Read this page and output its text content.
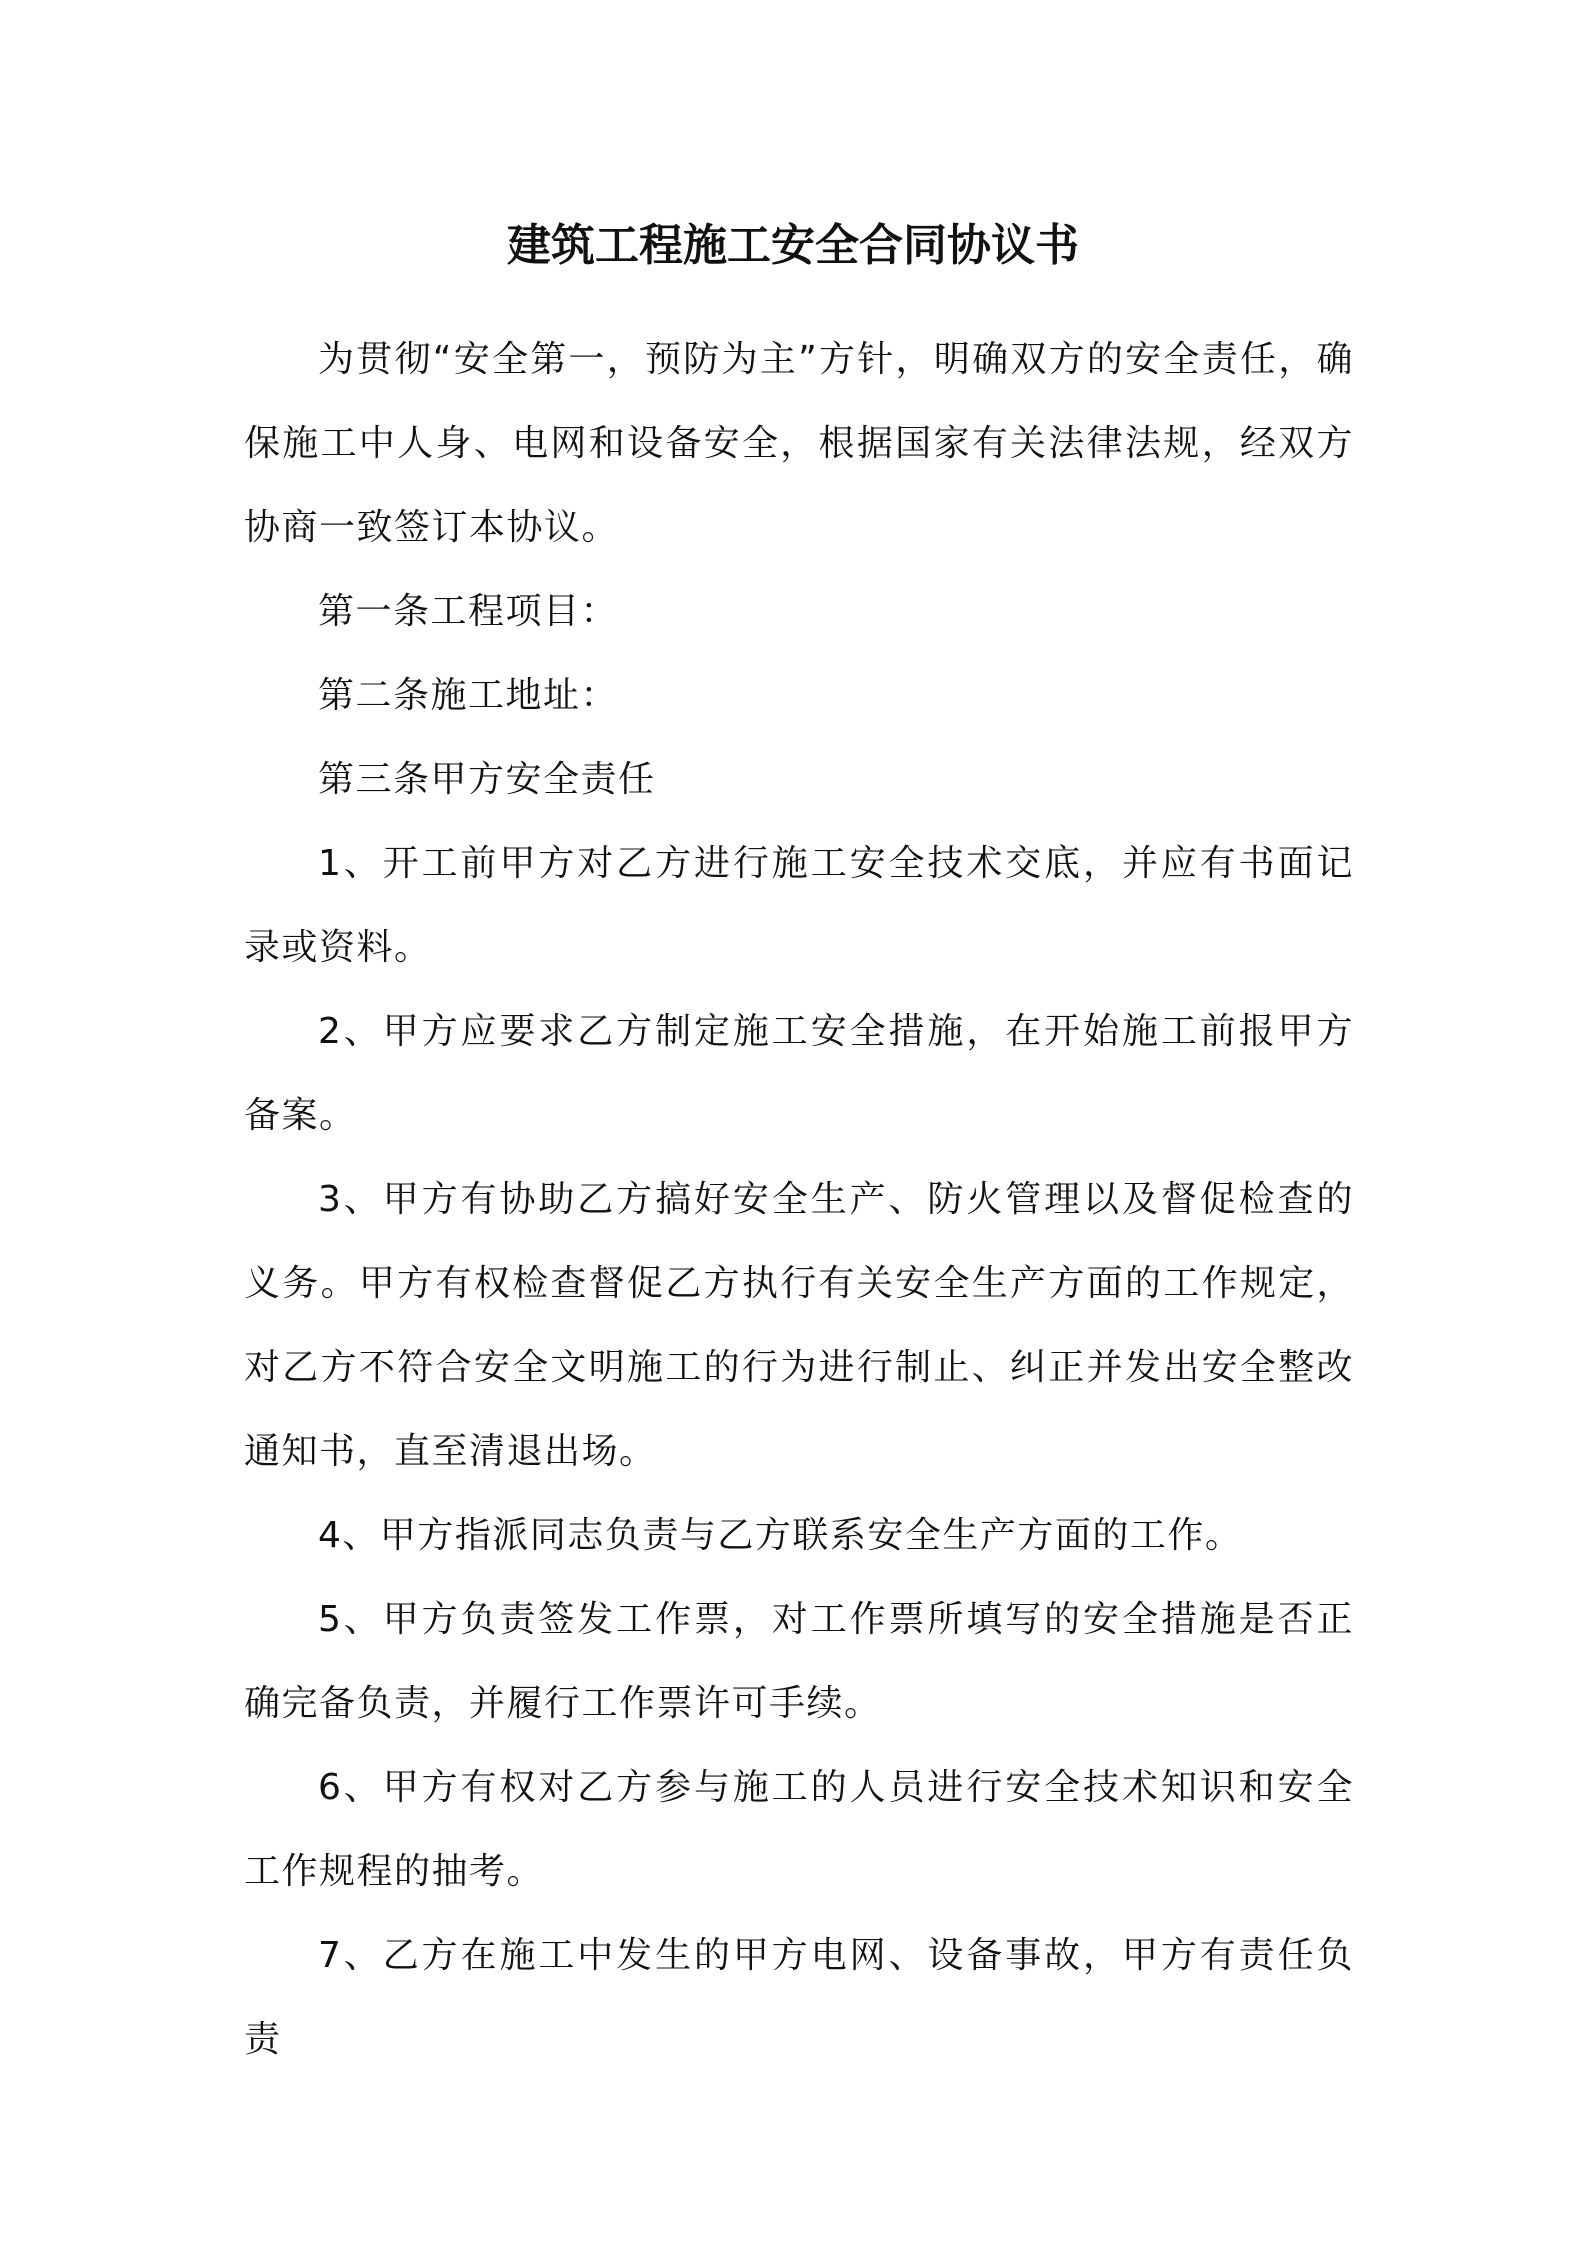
建筑工程施工安全合同协议书

为贯彻“安全第一，预防为主”方针，明确双方的安全责任，确保施工中人身、电网和设备安全，根据国家有关法律法规，经双方协商一致签订本协议。

第一条工程项目：

第二条施工地址：

第三条甲方安全责任

1、开工前甲方对乙方进行施工安全技术交底，并应有书面记录或资料。

2、甲方应要求乙方制定施工安全措施，在开始施工前报甲方备案。

3、甲方有协助乙方搞好安全生产、防火管理以及督促检查的义务。甲方有权检查督促乙方执行有关安全生产方面的工作规定，对乙方不符合安全文明施工的行为进行制止、纠正并发出安全整改通知书，直至清退出场。

4、甲方指派同志负责与乙方联系安全生产方面的工作。

5、甲方负责签发工作票，对工作票所填写的安全措施是否正确完备负责，并履行工作票许可手续。

6、甲方有权对乙方参与施工的人员进行安全技术知识和安全工作规程的抽考。

7、乙方在施工中发生的甲方电网、设备事故，甲方有责任负责
